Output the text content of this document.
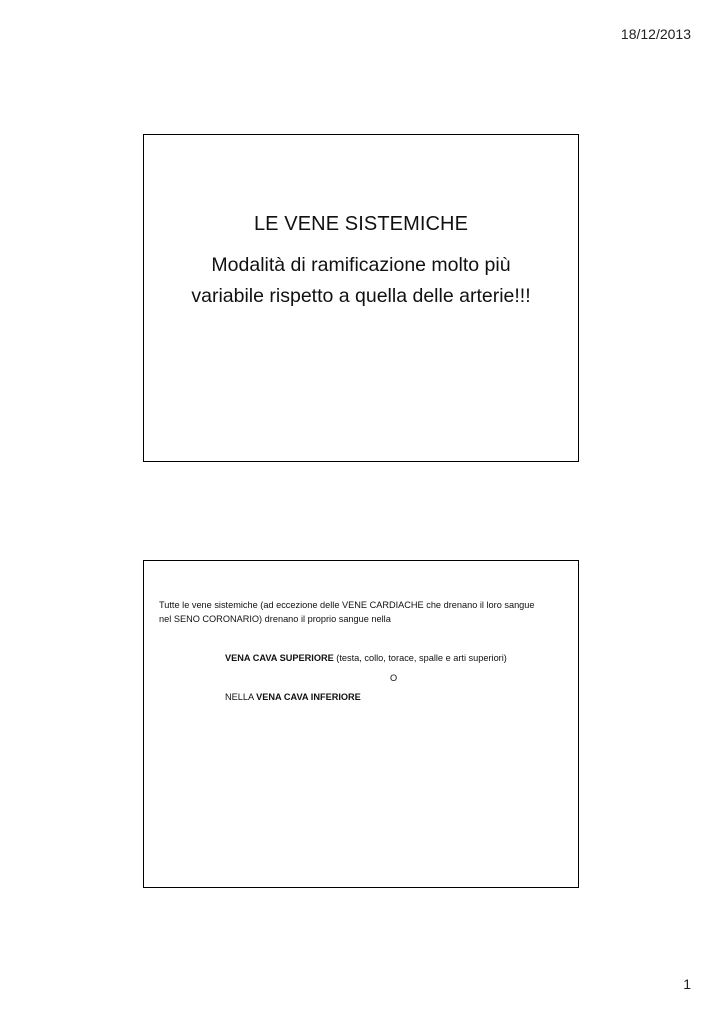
18/12/2013
LE VENE SISTEMICHE
Modalità di ramificazione molto più
variabile rispetto a quella delle arterie!!!
Tutte le vene sistemiche (ad eccezione delle VENE CARDIACHE che drenano il loro sangue
nel SENO CORONARIO) drenano il proprio sangue nella
VENA CAVA SUPERIORE (testa, collo, torace, spalle e arti superiori)
O
NELLA VENA CAVA INFERIORE
1
